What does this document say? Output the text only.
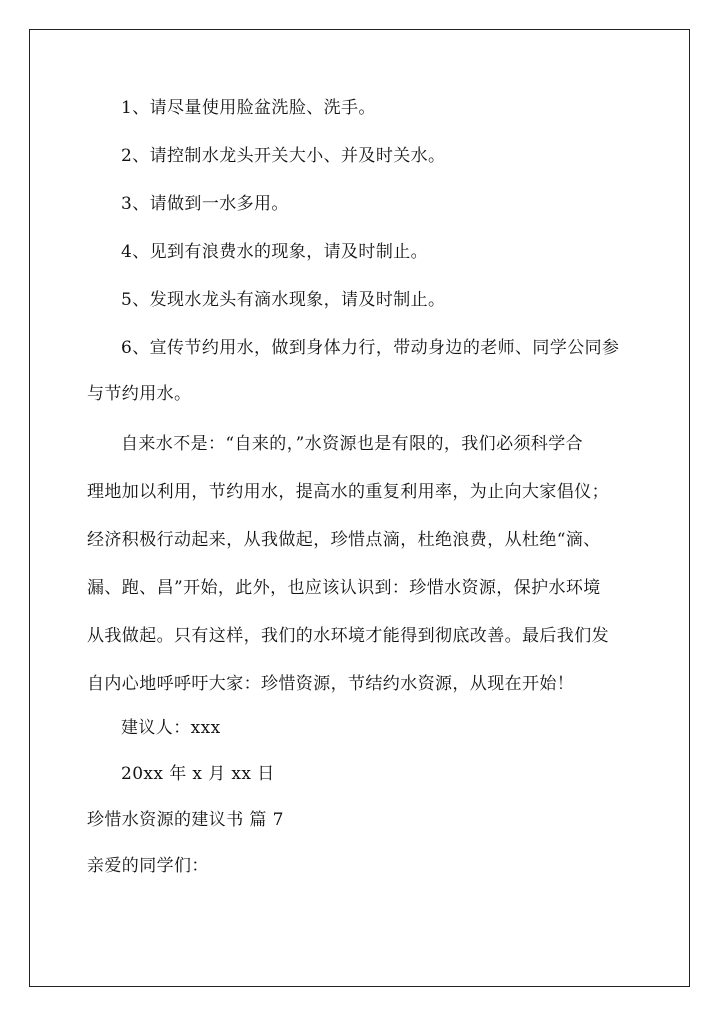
1、请尽量使用脸盆洗脸、洗手。
2、请控制水龙头开关大小、并及时关水。
3、请做到一水多用。
4、见到有浪费水的现象，请及时制止。
5、发现水龙头有滴水现象，请及时制止。
6、宣传节约用水，做到身体力行，带动身边的老师、同学公同参
与节约用水。
自来水不是：“自来的，”水资源也是有限的，我们必须科学合
理地加以利用，节约用水，提高水的重复利用率，为止向大家倡仪；
经济积极行动起来，从我做起，珍惜点滴，杜绝浪费，从杜绝“滴、
漏、跑、昌”开始，此外，也应该认识到：珍惜水资源，保护水环境
从我做起。只有这样，我们的水环境才能得到彻底改善。最后我们发
自内心地呼呼吁大家：珍惜资源，节结约水资源，从现在开始！
建议人：xxx
20xx 年 x 月 xx 日
珍惜水资源的建议书 篇 7
亲爱的同学们：
